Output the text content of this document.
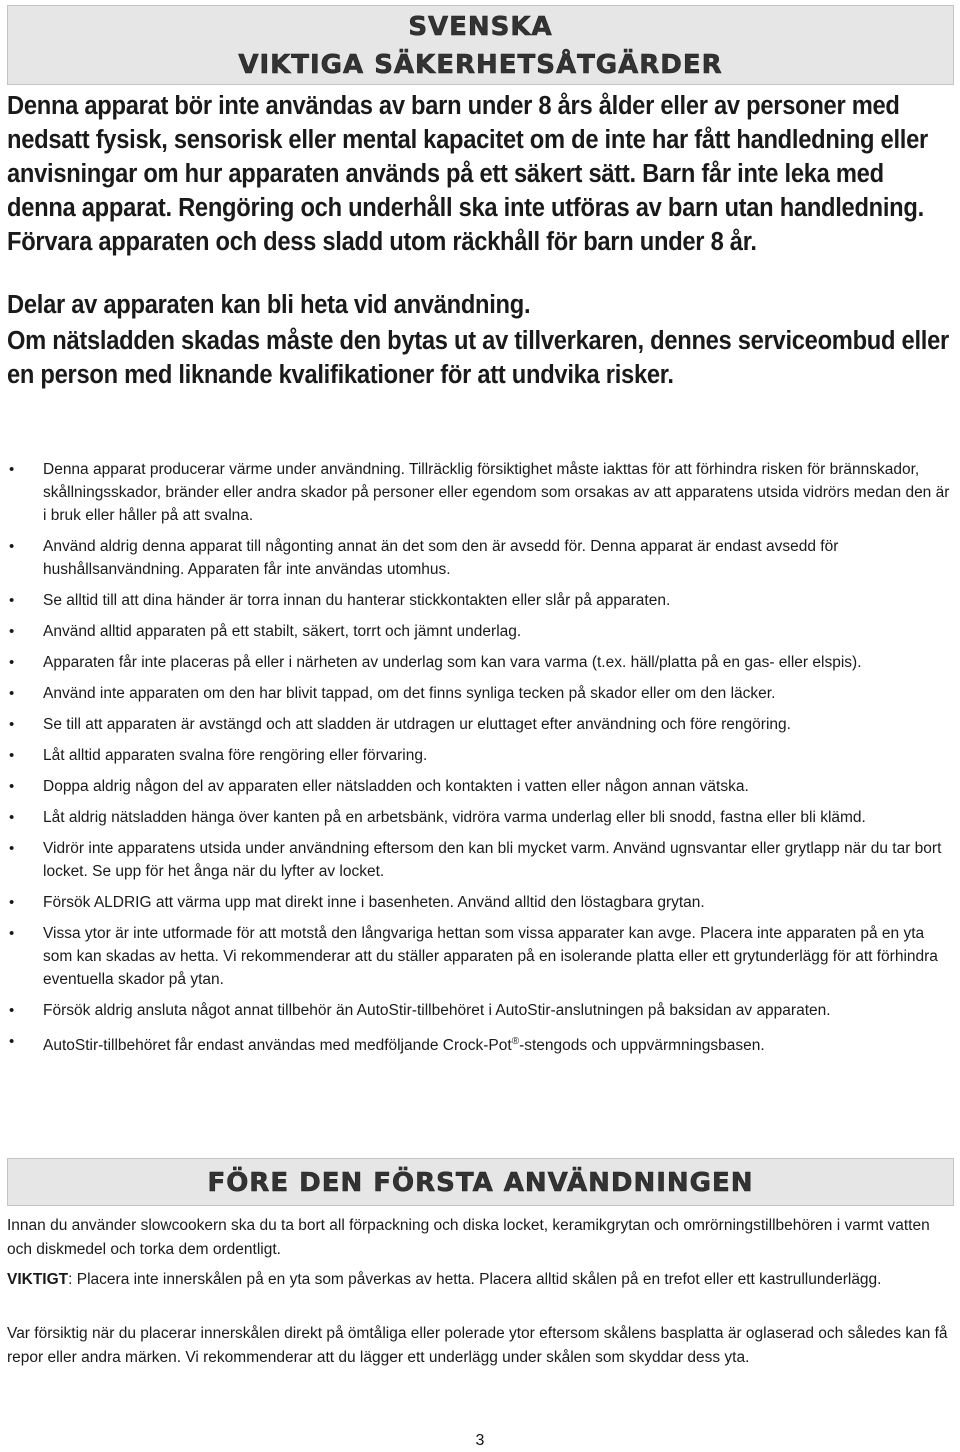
SVENSKA
VIKTIGA SÄKERHETSÅTGÄRDER
Denna apparat bör inte användas av barn under 8 års ålder eller av personer med nedsatt fysisk, sensorisk eller mental kapacitet om de inte har fått handledning eller anvisningar om hur apparaten används på ett säkert sätt. Barn får inte leka med denna apparat. Rengöring och underhåll ska inte utföras av barn utan handledning. Förvara apparaten och dess sladd utom räckhåll för barn under 8 år.
Delar av apparaten kan bli heta vid användning.
Om nätsladden skadas måste den bytas ut av tillverkaren, dennes serviceombud eller en person med liknande kvalifikationer för att undvika risker.
• Denna apparat producerar värme under användning. Tillräcklig försiktighet måste iakttas för att förhindra risken för brännskador, skållningsskador, bränder eller andra skador på personer eller egendom som orsakas av att apparatens utsida vidrörs medan den är i bruk eller håller på att svalna.
• Använd aldrig denna apparat till någonting annat än det som den är avsedd för. Denna apparat är endast avsedd för hushållsanvändning. Apparaten får inte användas utomhus.
• Se alltid till att dina händer är torra innan du hanterar stickkontakten eller slår på apparaten.
• Använd alltid apparaten på ett stabilt, säkert, torrt och jämnt underlag.
• Apparaten får inte placeras på eller i närheten av underlag som kan vara varma (t.ex. häll/platta på en gas- eller elspis).
• Använd inte apparaten om den har blivit tappad, om det finns synliga tecken på skador eller om den läcker.
• Se till att apparaten är avstängd och att sladden är utdragen ur eluttaget efter användning och före rengöring.
• Låt alltid apparaten svalna före rengöring eller förvaring.
• Doppa aldrig någon del av apparaten eller nätsladden och kontakten i vatten eller någon annan vätska.
• Låt aldrig nätsladden hänga över kanten på en arbetsbänk, vidröra varma underlag eller bli snodd, fastna eller bli klämd.
• Vidrör inte apparatens utsida under användning eftersom den kan bli mycket varm. Använd ugnsvantar eller grytlapp när du tar bort locket. Se upp för het ånga när du lyfter av locket.
• Försök ALDRIG att värma upp mat direkt inne i basenheten. Använd alltid den löstagbara grytan.
• Vissa ytor är inte utformade för att motstå den långvariga hettan som vissa apparater kan avge. Placera inte apparaten på en yta som kan skadas av hetta. Vi rekommenderar att du ställer apparaten på en isolerande platta eller ett grytunderlägg för att förhindra eventuella skador på ytan.
• Försök aldrig ansluta något annat tillbehör än AutoStir-tillbehöret i AutoStir-anslutningen på baksidan av apparaten.
• AutoStir-tillbehöret får endast användas med medföljande Crock-Pot®-stengods och uppvärmningsbasen.
FÖRE DEN FÖRSTA ANVÄNDNINGEN

Innan du använder slowcookern ska du ta bort all förpackning och diska locket, keramikgrytan och omrörningstillbehören i varmt vatten och diskmedel och torka dem ordentligt.

VIKTIGT: Placera inte innerskålen på en yta som påverkas av hetta. Placera alltid skålen på en trefot eller ett kastrullunderlägg.

Var försiktig när du placerar innerskålen direkt på ömtåliga eller polerade ytor eftersom skålens basplatta är oglaserad och således kan få repor eller andra märken. Vi rekommenderar att du lägger ett underlägg under skålen som skyddar dess yta.

3
